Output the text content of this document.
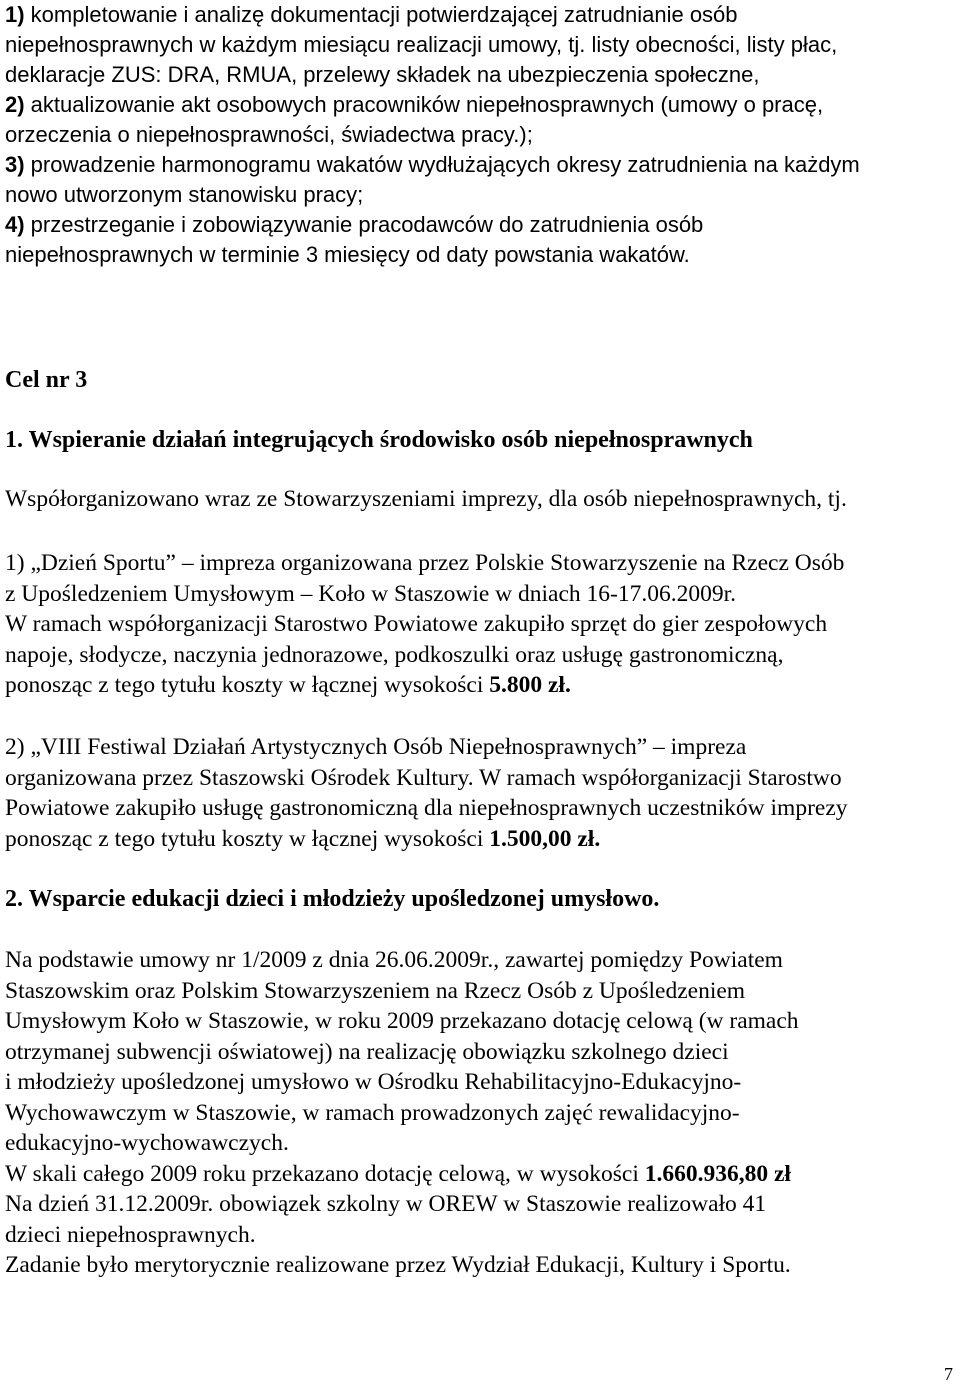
1) kompletowanie i analizę dokumentacji potwierdzającej zatrudnianie osób
niepełnosprawnych w każdym miesiącu realizacji umowy, tj. listy obecności, listy płac,
deklaracje ZUS: DRA, RMUA, przelewy składek na ubezpieczenia społeczne,
2) aktualizowanie akt osobowych pracowników niepełnosprawnych (umowy o pracę,
orzeczenia o niepełnosprawności, świadectwa pracy.);
3) prowadzenie harmonogramu wakatów wydłużających okresy zatrudnienia na każdym
nowo utworzonym stanowisku pracy;
4) przestrzeganie i zobowiązywanie pracodawców do zatrudnienia osób
niepełnosprawnych w terminie 3 miesięcy od daty powstania wakatów.
Cel nr 3
1. Wspieranie działań integrujących środowisko osób niepełnosprawnych
Współorganizowano wraz ze Stowarzyszeniami imprezy, dla osób niepełnosprawnych, tj.
1) „Dzień Sportu” – impreza organizowana przez Polskie Stowarzyszenie na Rzecz Osób
z Upośledzeniem Umysłowym – Koło w Staszowie w dniach 16-17.06.2009r.
W ramach współorganizacji Starostwo Powiatowe zakupiło sprzęt do gier zespołowych
napoje, słodycze, naczynia jednorazowe, podkoszulki oraz usługę gastronomiczną,
ponosząc z tego tytułu koszty w łącznej wysokości 5.800 zł.
2) „VIII Festiwal Działań Artystycznych Osób Niepełnosprawnych” – impreza
organizowana przez Staszowski Ośrodek Kultury. W ramach współorganizacji Starostwo
Powiatowe zakupiło usługę gastronomiczną dla niepełnosprawnych uczestników imprezy
ponosząc z tego tytułu koszty w łącznej wysokości 1.500,00 zł.
2. Wsparcie edukacji dzieci i młodzieży upośledzonej umysłowo.
Na podstawie umowy nr 1/2009 z dnia 26.06.2009r., zawartej pomiędzy Powiatem
Staszowskim oraz Polskim Stowarzyszeniem na Rzecz Osób z Upośledzeniem
Umysłowym Koło w Staszowie, w roku 2009 przekazano dotację celową (w ramach
otrzymanej subwencji oświatowej) na realizację obowiązku szkolnego dzieci
i młodzieży upośledzonej umysłowo w Ośrodku Rehabilitacyjno-Edukacyjno-
Wychowawczym w Staszowie, w ramach prowadzonych zajęć rewalidacyjno-
edukacyjno-wychowawczych.
W skali całego 2009 roku przekazano dotację celową, w wysokości 1.660.936,80 zł
Na dzień 31.12.2009r. obowiązek szkolny w OREW w Staszowie realizowało 41
dzieci niepełnosprawnych.
Zadanie było merytorycznie realizowane przez Wydział Edukacji, Kultury i Sportu.
7
